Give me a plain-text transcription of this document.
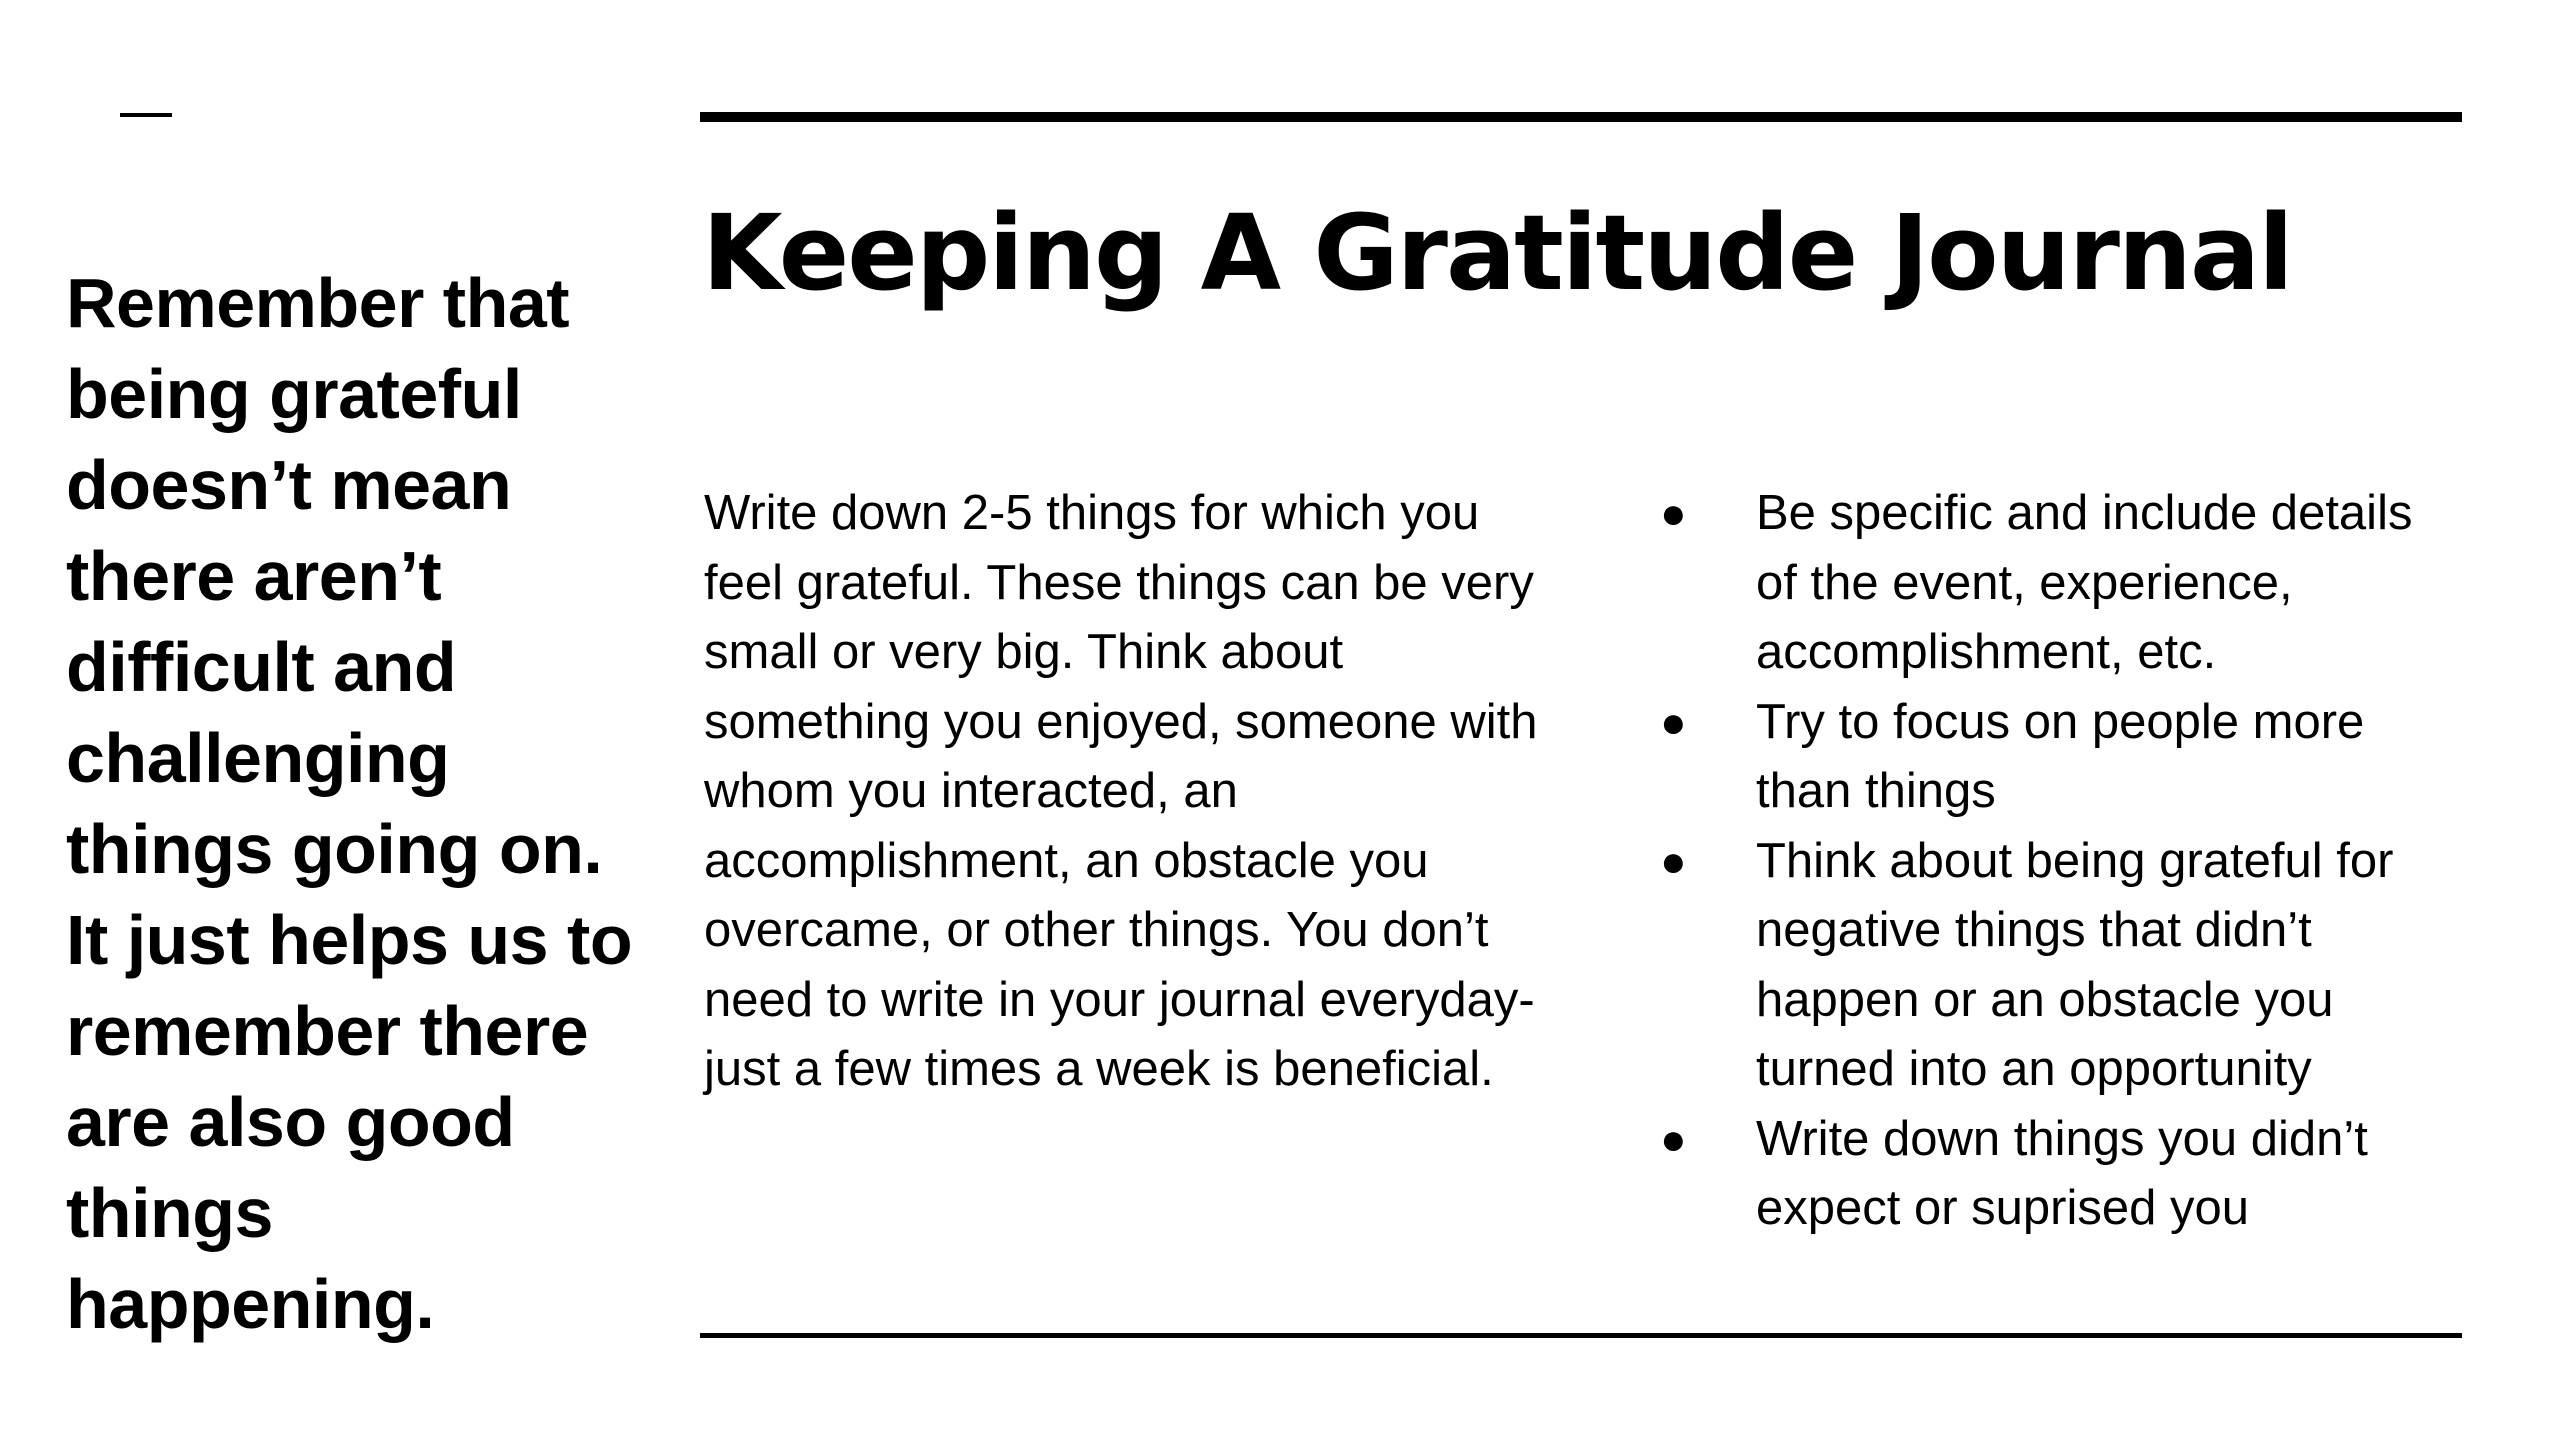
Remember that being grateful doesn’t mean there aren’t difficult and challenging things going on. It just helps us to remember there are also good things happening.
Keeping A Gratitude Journal
Write down 2-5 things for which you feel grateful. These things can be very small or very big. Think about something you enjoyed, someone with whom you interacted, an accomplishment, an obstacle you overcame, or other things. You don’t need to write in your journal everyday-just a few times a week is beneficial.
● Be specific and include details of the event, experience, accomplishment, etc.
● Try to focus on people more than things
● Think about being grateful for negative things that didn’t happen or an obstacle you turned into an opportunity
● Write down things you didn’t expect or suprised you
